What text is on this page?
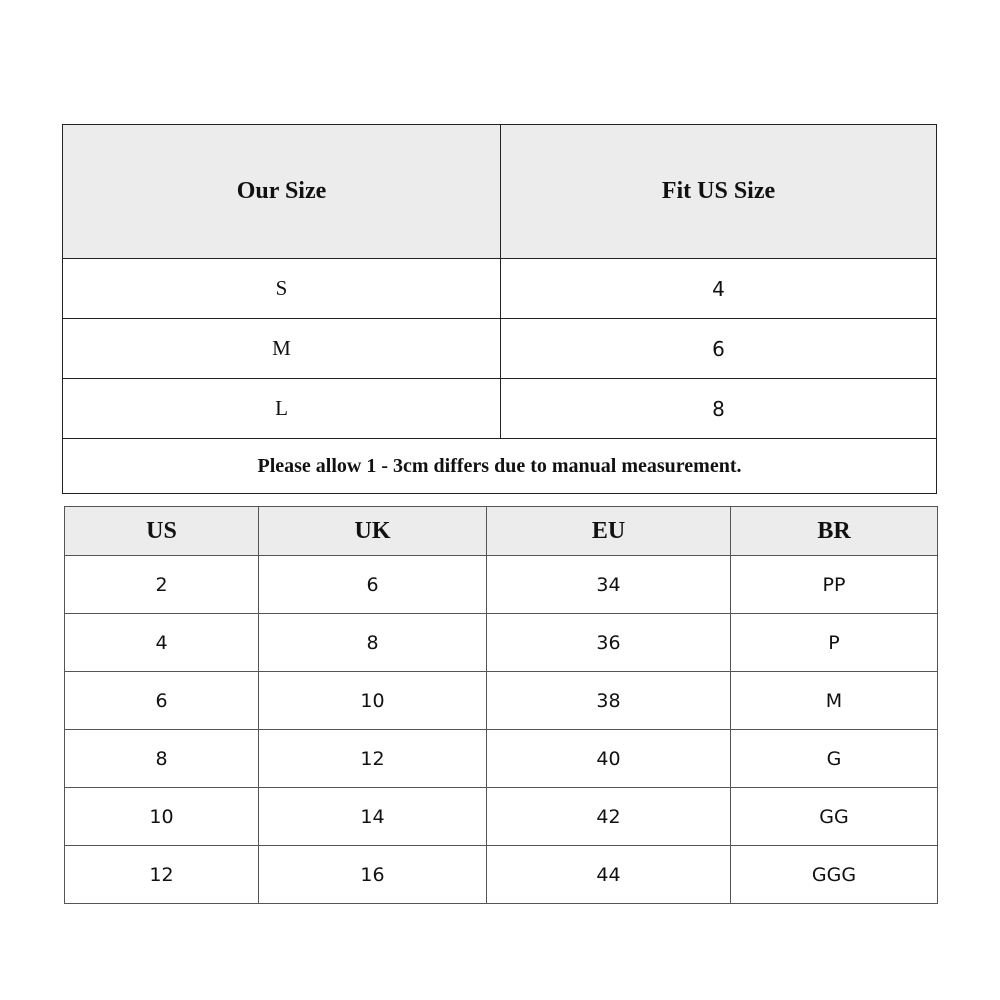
Our Size	Fit US Size
S	4
M	6
L	8
Please allow 1 - 3cm differs due to manual measurement.	
US	UK	EU	BR
2	6	34	PP
4	8	36	P
6	10	38	M
8	12	40	G
10	14	42	GG
12	16	44	GGG
